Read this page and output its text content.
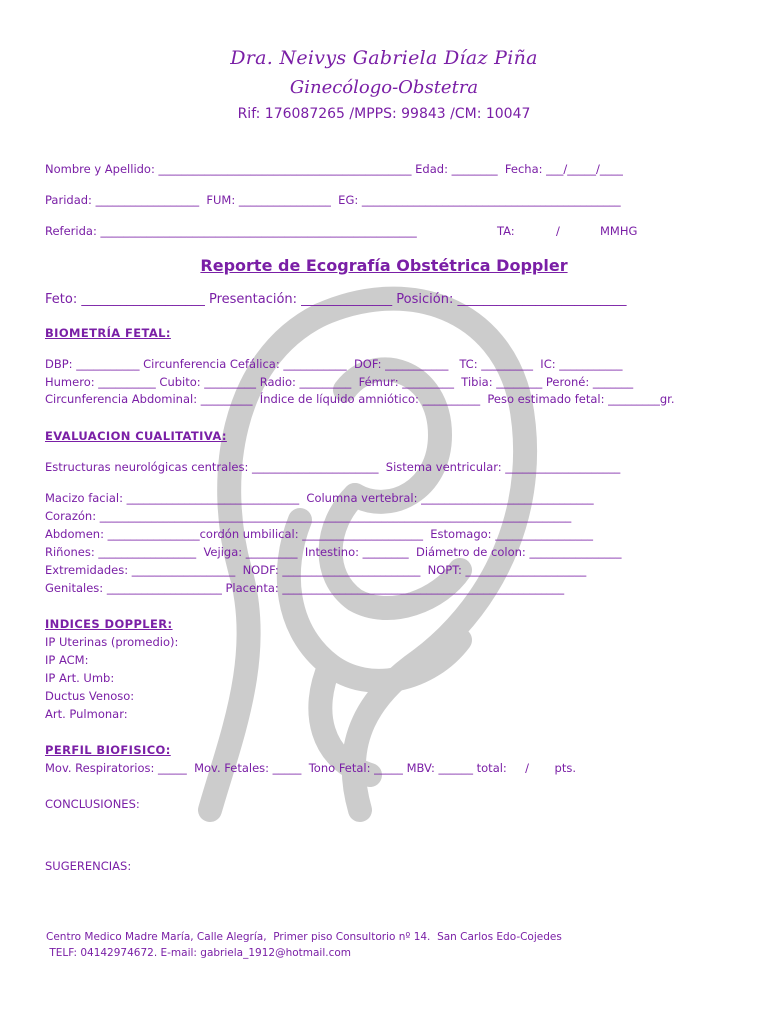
Dra. Neivys Gabriela Díaz Piña
Ginecólogo-Obstetra
Rif: 176087265 /MPPS: 99843 /CM: 10047
Nombre y Apellido: ____________________________________________ Edad: ________  Fecha: ___/_____/____
Paridad: __________________  FUM: ________________  EG: _____________________________________________
Referida: _______________________________________________________	TA:	/	MMHG
Reporte de Ecografía Obstétrica Doppler
Feto: ___________________ Presentación: ______________ Posición: __________________________
BIOMETRÍA FETAL:
DBP: ___________ Circunferencia Cefálica: ___________  DOF: ___________   TC: _________  IC: ___________
Humero: __________ Cubito: _________ Radio: _________  Fémur: _________  Tibia: ________ Peroné: _______
Circunferencia Abdominal: _________  Índice de líquido amniótico: __________  Peso estimado fetal: _________gr.
EVALUACION CUALITATIVA:
Estructuras neurológicas centrales: ______________________  Sistema ventricular: ____________________
Macizo facial: ______________________________  Columna vertebral: ______________________________
Corazón: __________________________________________________________________________________
Abdomen: ________________cordón umbilical: _____________________  Estomago: _________________
Riñones: _________________  Vejiga: _________  Intestino: ________  Diámetro de colon: ________________
Extremidades: __________________  NODF: ________________________  NOPT: _____________________
Genitales: ____________________ Placenta: _________________________________________________
INDICES DOPPLER:
IP Uterinas (promedio):
IP ACM:
IP Art. Umb:
Ductus Venoso:
Art. Pulmonar:
PERFIL BIOFISICO:
Mov. Respiratorios: _____  Mov. Fetales: _____  Tono Fetal: _____ MBV: ______ total:     /       pts.
CONCLUSIONES:
SUGERENCIAS:
Centro Medico Madre María, Calle Alegría,  Primer piso Consultorio nº 14.  San Carlos Edo-Cojedes
TELF: 04142974672. E-mail: gabriela_1912@hotmail.com
